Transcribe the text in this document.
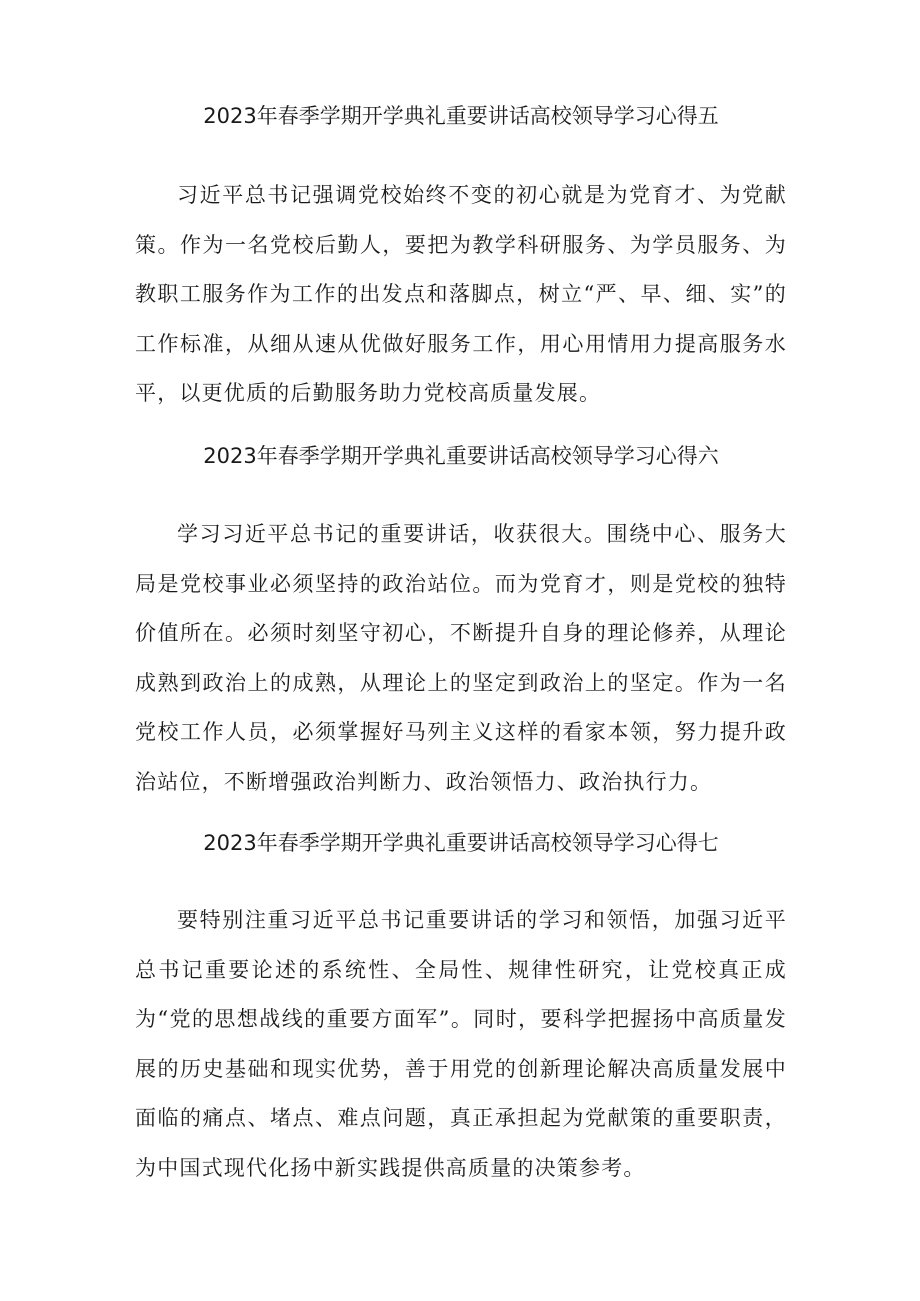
2023年春季学期开学典礼重要讲话高校领导学习心得五

习近平总书记强调党校始终不变的初心就是为党育才、为党献策。作为一名党校后勤人，要把为教学科研服务、为学员服务、为教职工服务作为工作的出发点和落脚点，树立“严、早、细、实”的工作标准，从细从速从优做好服务工作，用心用情用力提高服务水平，以更优质的后勤服务助力党校高质量发展。

2023年春季学期开学典礼重要讲话高校领导学习心得六

学习习近平总书记的重要讲话，收获很大。围绕中心、服务大局是党校事业必须坚持的政治站位。而为党育才，则是党校的独特价值所在。必须时刻坚守初心，不断提升自身的理论修养，从理论成熟到政治上的成熟，从理论上的坚定到政治上的坚定。作为一名党校工作人员，必须掌握好马列主义这样的看家本领，努力提升政治站位，不断增强政治判断力、政治领悟力、政治执行力。

2023年春季学期开学典礼重要讲话高校领导学习心得七

要特别注重习近平总书记重要讲话的学习和领悟，加强习近平总书记重要论述的系统性、全局性、规律性研究，让党校真正成为“党的思想战线的重要方面军”。同时，要科学把握扬中高质量发展的历史基础和现实优势，善于用党的创新理论解决高质量发展中面临的痛点、堵点、难点问题，真正承担起为党献策的重要职责，为中国式现代化扬中新实践提供高质量的决策参考。
